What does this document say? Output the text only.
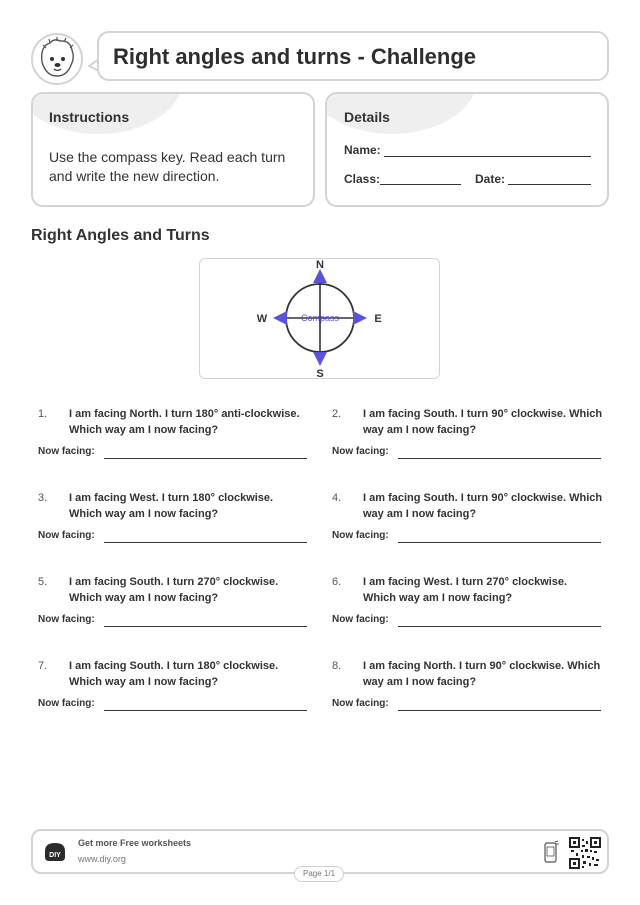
Right angles and turns - Challenge
Instructions
Use the compass key. Read each turn and write the new direction.
Details
Name:
Class:	Date:
Right Angles and Turns
N
S
E
W	Compass
1. I am facing North. I turn 180° anti-clockwise. Which way am I now facing?
Now facing:
2. I am facing South. I turn 90° clockwise. Which way am I now facing?
Now facing:
3. I am facing West. I turn 180° clockwise. Which way am I now facing?
Now facing:
4. I am facing South. I turn 90° clockwise. Which way am I now facing?
Now facing:
5. I am facing South. I turn 270° clockwise. Which way am I now facing?
Now facing:
6. I am facing West. I turn 270° clockwise. Which way am I now facing?
Now facing:
7. I am facing South. I turn 180° clockwise. Which way am I now facing?
Now facing:
8. I am facing North. I turn 90° clockwise. Which way am I now facing?
Now facing:
DIY
Get more Free worksheets
www.diy.org
Page 1/1
